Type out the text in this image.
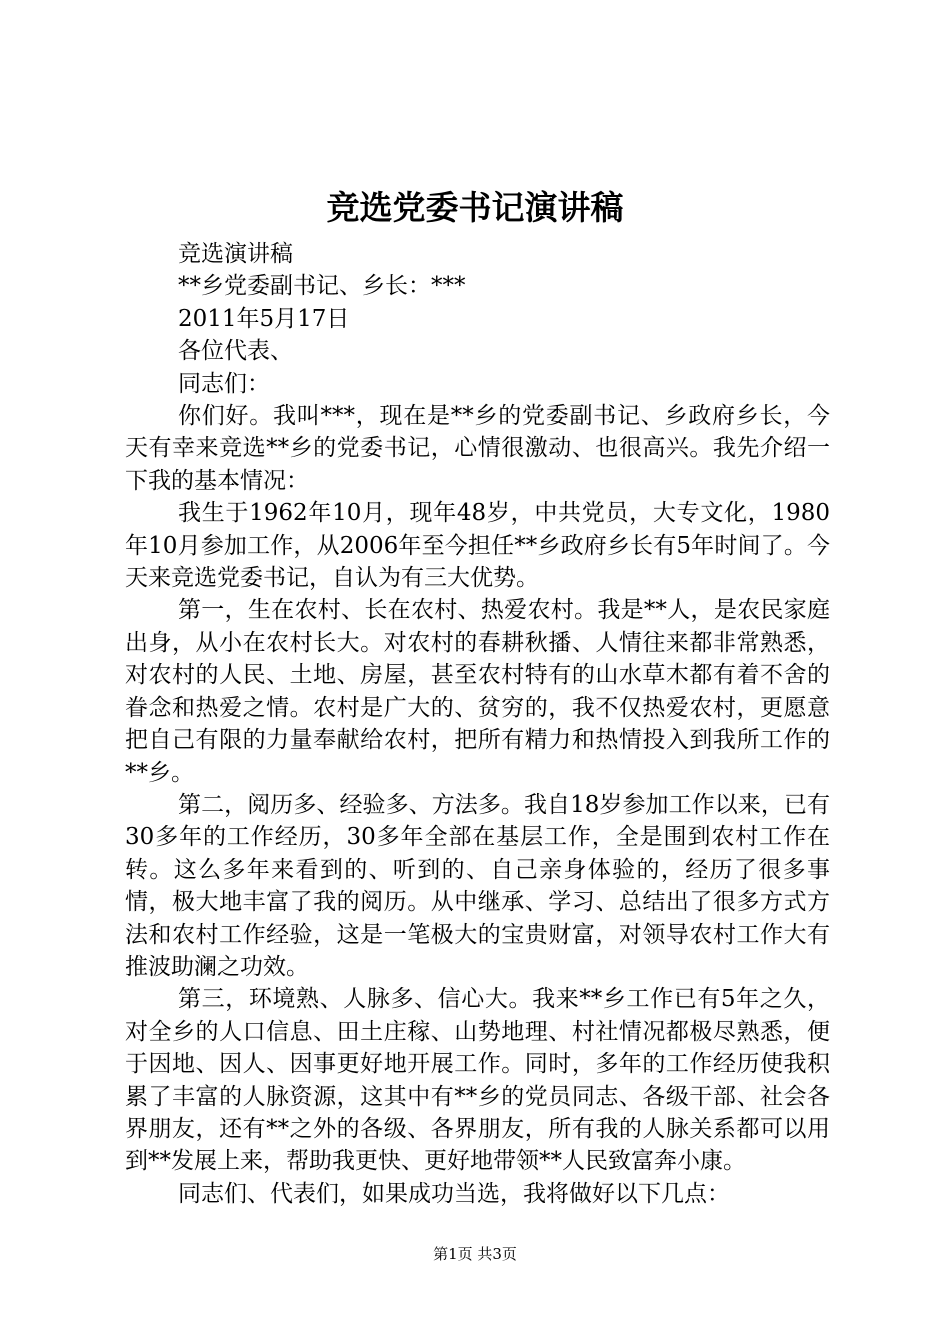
竞选党委书记演讲稿

竞选演讲稿

**乡党委副书记、乡长：***

2011年5月17日

各位代表、

同志们：

你们好。我叫***，现在是**乡的党委副书记、乡政府乡长，今天有幸来竞选**乡的党委书记，心情很激动、也很高兴。我先介绍一下我的基本情况：

我生于1962年10月，现年48岁，中共党员，大专文化，1980年10月参加工作，从2006年至今担任**乡政府乡长有5年时间了。今天来竞选党委书记，自认为有三大优势。

第一，生在农村、长在农村、热爱农村。我是**人，是农民家庭出身，从小在农村长大。对农村的春耕秋播、人情往来都非常熟悉，对农村的人民、土地、房屋，甚至农村特有的山水草木都有着不舍的眷念和热爱之情。农村是广大的、贫穷的，我不仅热爱农村，更愿意把自己有限的力量奉献给农村，把所有精力和热情投入到我所工作的**乡。

第二，阅历多、经验多、方法多。我自18岁参加工作以来，已有30多年的工作经历，30多年全部在基层工作，全是围到农村工作在转。这么多年来看到的、听到的、自己亲身体验的，经历了很多事情，极大地丰富了我的阅历。从中继承、学习、总结出了很多方式方法和农村工作经验，这是一笔极大的宝贵财富，对领导农村工作大有推波助澜之功效。

第三，环境熟、人脉多、信心大。我来**乡工作已有5年之久，对全乡的人口信息、田土庄稼、山势地理、村社情况都极尽熟悉，便于因地、因人、因事更好地开展工作。同时，多年的工作经历使我积累了丰富的人脉资源，这其中有**乡的党员同志、各级干部、社会各界朋友，还有**之外的各级、各界朋友，所有我的人脉关系都可以用到**发展上来，帮助我更快、更好地带领**人民致富奔小康。

同志们、代表们，如果成功当选，我将做好以下几点：

第1页 共3页
